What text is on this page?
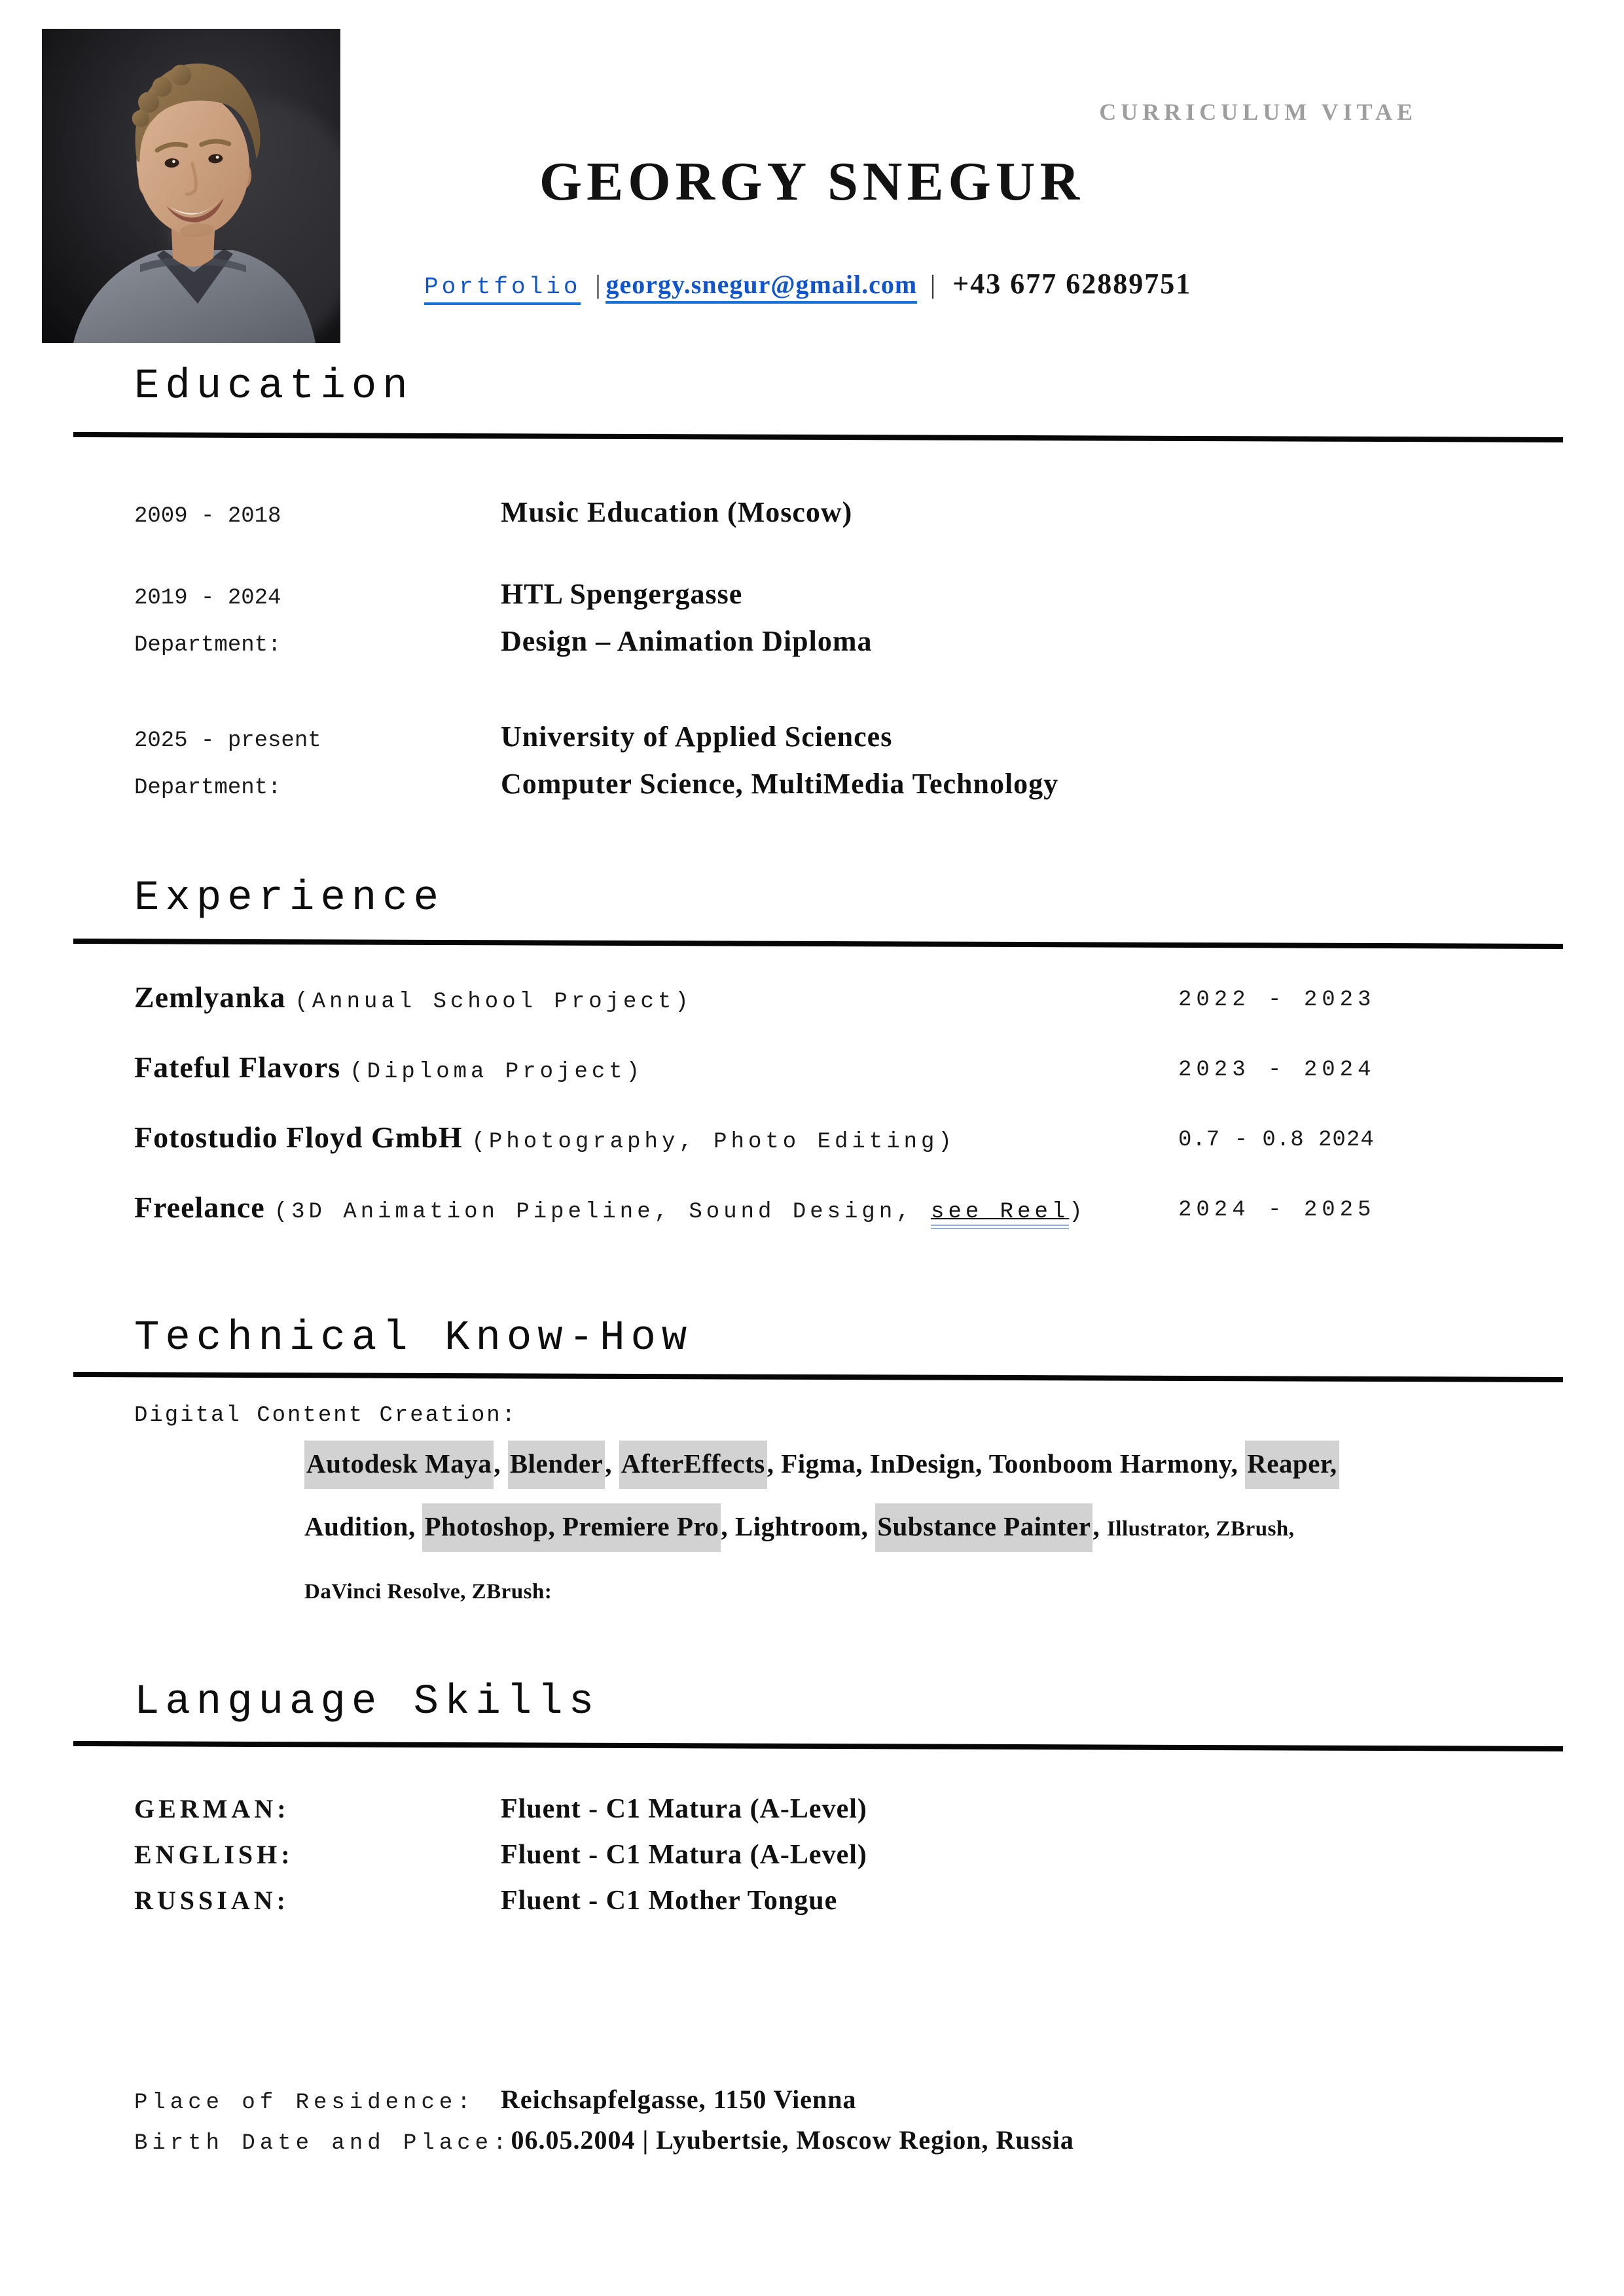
CURRICULUM VITAE
GEORGY SNEGUR
Portfolio | georgy.snegur@gmail.com | +43 677 62889751
Education
2009 - 2018	Music Education (Moscow)
2019 - 2024	HTL Spengergasse
Department:	Design – Animation Diploma
2025 - present	University of Applied Sciences
Department:	Computer Science, MultiMedia Technology
Experience
Zemlyanka (Annual School Project)	2022 - 2023
Fateful Flavors (Diploma Project)	2023 - 2024
Fotostudio Floyd GmbH (Photography, Photo Editing)	0.7 - 0.8 2024
Freelance (3D Animation Pipeline, Sound Design, see Reel)	2024 - 2025
Technical Know-How
Digital Content Creation:
Autodesk Maya, Blender, AfterEffects, Figma, InDesign, Toonboom Harmony, Reaper,
Audition, Photoshop, Premiere Pro, Lightroom, Substance Painter, Illustrator, ZBrush,
DaVinci Resolve, ZBrush:
Language Skills
GERMAN:	Fluent - C1 Matura (A-Level)
ENGLISH:	Fluent - C1 Matura (A-Level)
RUSSIAN:	Fluent - C1 Mother Tongue
Place of Residence: Reichsapfelgasse, 1150 Vienna
Birth Date and Place: 06.05.2004 | Lyubertsie, Moscow Region, Russia
